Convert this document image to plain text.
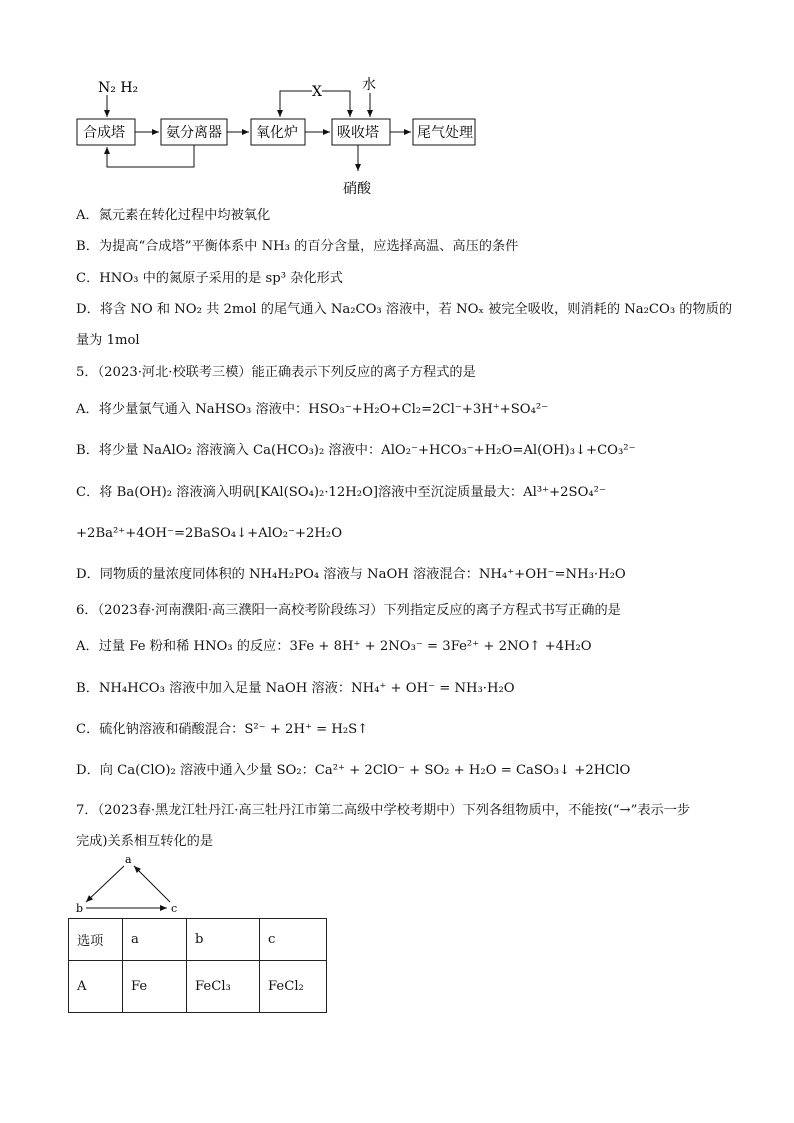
N₂ H₂
合成塔	氨分离器 氧化炉	吸收塔	尾气处理
X	水
硝酸
A．氮元素在转化过程中均被氧化
B．为提高“合成塔”平衡体系中 NH₃ 的百分含量，应选择高温、高压的条件
C．HNO₃ 中的氮原子采用的是 sp³ 杂化形式
D．将含 NO 和 NO₂ 共 2mol 的尾气通入 Na₂CO₃ 溶液中，若 NOₓ 被完全吸收，则消耗的 Na₂CO₃ 的物质的
量为 1mol
5．（2023·河北·校联考三模）能正确表示下列反应的离子方程式的是
A．将少量氯气通入 NaHSO₃ 溶液中：HSO₃⁻+H₂O+Cl₂=2Cl⁻+3H⁺+SO₄²⁻
B．将少量 NaAlO₂ 溶液滴入 Ca(HCO₃)₂ 溶液中：AlO₂⁻+HCO₃⁻+H₂O=Al(OH)₃↓+CO₃²⁻
C．将 Ba(OH)₂ 溶液滴入明矾[KAl(SO₄)₂·12H₂O]溶液中至沉淀质量最大：Al³⁺+2SO₄²⁻
+2Ba²⁺+4OH⁻=2BaSO₄↓+AlO₂⁻+2H₂O
D．同物质的量浓度同体积的 NH₄H₂PO₄ 溶液与 NaOH 溶液混合：NH₄⁺+OH⁻=NH₃·H₂O
6．（2023春·河南濮阳·高三濮阳一高校考阶段练习）下列指定反应的离子方程式书写正确的是
A．过量 Fe 粉和稀 HNO₃ 的反应：3Fe + 8H⁺ + 2NO₃⁻ = 3Fe²⁺ + 2NO↑ +4H₂O
B．NH₄HCO₃ 溶液中加入足量 NaOH 溶液：NH₄⁺ + OH⁻ = NH₃·H₂O
C．硫化钠溶液和硝酸混合：S²⁻ + 2H⁺ = H₂S↑
D．向 Ca(ClO)₂ 溶液中通入少量 SO₂：Ca²⁺ + 2ClO⁻ + SO₂ + H₂O = CaSO₃↓ +2HClO
7．（2023春·黑龙江牡丹江·高三牡丹江市第二高级中学校考期中）下列各组物质中，不能按(“→”表示一步
完成)关系相互转化的是
a
b	c
选项	a	b	c
A	Fe	FeCl₃	FeCl₂
